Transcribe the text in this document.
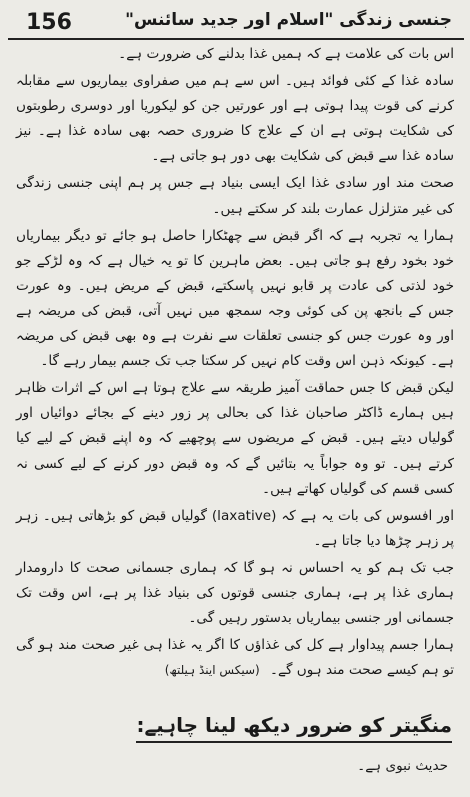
156	جنسی زندگی "اسلام اور جدید سائنس"

اس بات کی علامت ہے کہ ہمیں غذا بدلنے کی ضرورت ہے۔

سادہ غذا کے کئی فوائد ہیں۔ اس سے ہم میں صفراوی بیماریوں سے مقابلہ کرنے کی قوت پیدا ہوتی ہے اور عورتیں جن کو لیکوریا اور دوسری رطوبتوں کی شکایت ہوتی ہے ان کے علاج کا ضروری حصہ بھی سادہ غذا ہے۔ نیز سادہ غذا سے قبض کی شکایت بھی دور ہو جاتی ہے۔

صحت مند اور سادی غذا ایک ایسی بنیاد ہے جس پر ہم اپنی جنسی زندگی کی غیر متزلزل عمارت بلند کر سکتے ہیں۔

ہمارا یہ تجربہ ہے کہ اگر قبض سے چھٹکارا حاصل ہو جائے تو دیگر بیماریاں خود بخود رفع ہو جاتی ہیں۔ بعض ماہرین کا تو یہ خیال ہے کہ وہ لڑکے جو خود لذتی کی عادت پر قابو نہیں پاسکتے، قبض کے مریض ہیں۔ وہ عورت جس کے بانجھ پن کی کوئی وجہ سمجھ میں نہیں آتی، قبض کی مریضہ ہے اور وہ عورت جس کو جنسی تعلقات سے نفرت ہے وہ بھی قبض کی مریضہ ہے۔ کیونکہ ذہن اس وقت کام نہیں کر سکتا جب تک جسم بیمار رہے گا۔

لیکن قبض کا جس حماقت آمیز طریقہ سے علاج ہوتا ہے اس کے اثرات ظاہر ہیں ہمارے ڈاکٹر صاحبان غذا کی بحالی پر زور دینے کے بجائے دوائیاں اور گولیاں دیتے ہیں۔ قبض کے مریضوں سے پوچھیے کہ وہ اپنے قبض کے لیے کیا کرتے ہیں۔ تو وہ جواباً یہ بتائیں گے کہ وہ قبض دور کرنے کے لیے کسی نہ کسی قسم کی گولیاں کھاتے ہیں۔

اور افسوس کی بات یہ ہے کہ (laxative) گولیاں قبض کو بڑھاتی ہیں۔ زہر پر زہر چڑھا دیا جاتا ہے۔

جب تک ہم کو یہ احساس نہ ہو گا کہ ہماری جسمانی صحت کا دارومدار ہماری غذا پر ہے، ہماری جنسی قوتوں کی بنیاد غذا پر ہے، اس وقت تک جسمانی اور جنسی بیماریاں بدستور رہیں گی۔

ہمارا جسم پیداوار ہے کل کی غذاؤں کا اگر یہ غذا ہی غیر صحت مند ہو گی تو ہم کیسے صحت مند ہوں گے۔ (سیکس اینڈ ہیلتھ)

منگیتر کو ضرور دیکھ لینا چاہیے:
حدیث نبوی ہے۔
